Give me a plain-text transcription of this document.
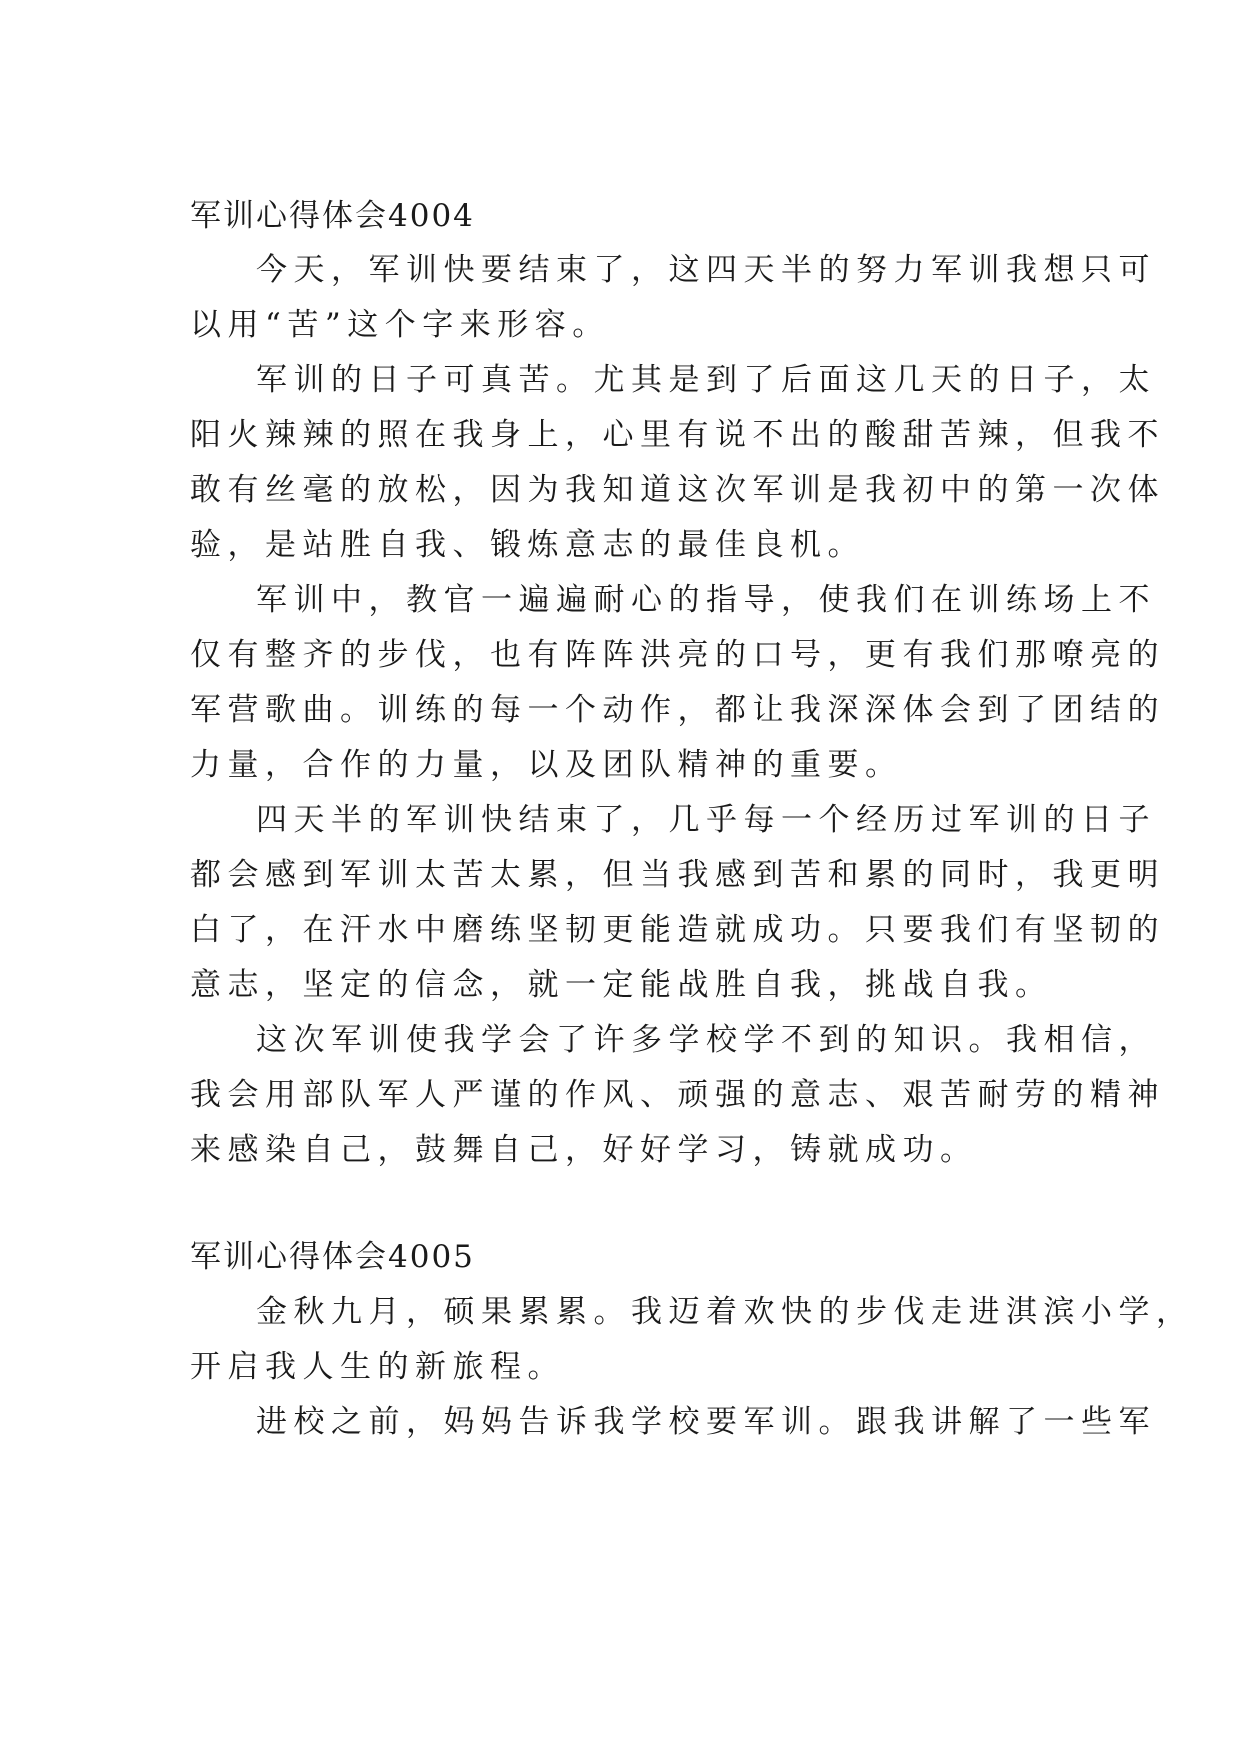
军训心得体会4004
今天，军训快要结束了，这四天半的努力军训我想只可
以用“苦”这个字来形容。
军训的日子可真苦。尤其是到了后面这几天的日子，太
阳火辣辣的照在我身上，心里有说不出的酸甜苦辣，但我不
敢有丝毫的放松，因为我知道这次军训是我初中的第一次体
验，是站胜自我、锻炼意志的最佳良机。
军训中，教官一遍遍耐心的指导，使我们在训练场上不
仅有整齐的步伐，也有阵阵洪亮的口号，更有我们那嘹亮的
军营歌曲。训练的每一个动作，都让我深深体会到了团结的
力量，合作的力量，以及团队精神的重要。
四天半的军训快结束了，几乎每一个经历过军训的日子
都会感到军训太苦太累，但当我感到苦和累的同时，我更明
白了，在汗水中磨练坚韧更能造就成功。只要我们有坚韧的
意志，坚定的信念，就一定能战胜自我，挑战自我。
这次军训使我学会了许多学校学不到的知识。我相信，
我会用部队军人严谨的作风、顽强的意志、艰苦耐劳的精神
来感染自己，鼓舞自己，好好学习，铸就成功。
军训心得体会4005
金秋九月，硕果累累。我迈着欢快的步伐走进淇滨小学，
开启我人生的新旅程。
进校之前，妈妈告诉我学校要军训。跟我讲解了一些军
